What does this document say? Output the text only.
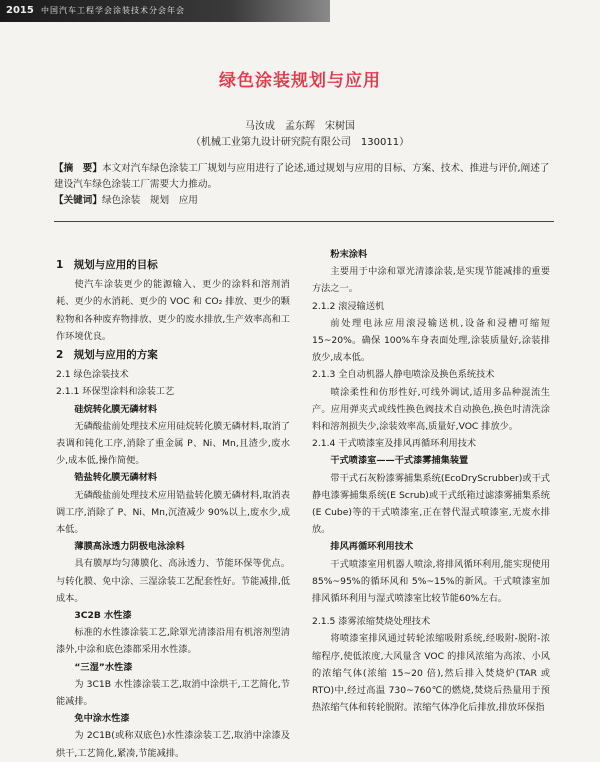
2015 中国汽车工程学会涂装技术分会年会
绿色涂装规划与应用
马汝成　孟东辉　宋树国
（机械工业第九设计研究院有限公司　130011）
【摘　要】本文对汽车绿色涂装工厂规划与应用进行了论述,通过规划与应用的目标、方案、技术、推进与评价,阐述了建设汽车绿色涂装工厂需要大力推动。
【关键词】绿色涂装　规划　应用
1　规划与应用的目标

使汽车涂装更少的能源输入、更少的涂料和溶剂消耗、更少的水消耗、更少的 VOC 和 CO₂ 排放、更少的颗粒物和各种废弃物排放、更少的废水排放,生产效率高和工作环境优良。

2　规划与应用的方案
2.1 绿色涂装技术
2.1.1 环保型涂料和涂装工艺
硅烷转化膜无磷材料

无磷酸盐前处理技术应用硅烷转化膜无磷材料,取消了表调和钝化工序,消除了重金属 P、Ni、Mn,且渣少,废水少,成本低,操作简便。

锆盐转化膜无磷材料

无磷酸盐前处理技术应用锆盐转化膜无磷材料,取消表调工序,消除了 P、Ni、Mn,沉渣减少 90%以上,废水少,成本低。

薄膜高泳透力阴极电泳涂料

具有膜厚均匀薄膜化、高泳透力、节能环保等优点。与转化膜、免中涂、三湿涂装工艺配套性好。节能减排,低成本。

3C2B 水性漆

标准的水性漆涂装工艺,除罩光清漆沿用有机溶剂型清漆外,中涂和底色漆都采用水性漆。

“三湿”水性漆

为 3C1B 水性漆涂装工艺,取消中涂烘干,工艺简化,节能减排。

免中涂水性漆

为 2C1B(或称双底色)水性漆涂装工艺,取消中涂漆及烘干,工艺简化,紧凑,节能减排。

粉末涂料

主要用于中涂和罩光清漆涂装,是实现节能减排的重要方法之一。

2.1.2 滚浸输送机

前处理电泳应用滚浸输送机,设备和浸槽可缩短 15~20%。确保 100%车身表面处理,涂装质量好,涂装排放少,成本低。

2.1.3 全自动机器人静电喷涂及换色系统技术

喷涂柔性和仿形性好,可线外调试,适用多品种混流生产。应用弹夹式或线性换色阀技术自动换色,换色时清洗涂料和溶剂损失少,涂装效率高,质量好,VOC 排放少。

2.1.4 干式喷漆室及排风再循环利用技术
干式喷漆室——干式漆雾捕集装置

带干式石灰粉漆雾捕集系统(EcoDryScrubber)或干式静电漆雾捕集系统(E Scrub)或干式纸箱过滤漆雾捕集系统(E Cube)等的干式喷漆室,正在替代湿式喷漆室,无废水排放。

排风再循环利用技术

干式喷漆室用机器人喷涂,将排风循环利用,能实现使用 85%~95%的循环风和 5%~15%的新风。干式喷漆室加排风循环利用与湿式喷漆室比较节能60%左右。

2.1.5 漆雾浓缩焚烧处理技术

将喷漆室排风通过转轮浓缩吸附系统,经吸附-脱附-浓缩程序,使低浓度,大风量含 VOC 的排风浓缩为高浓、小风的浓缩气体(浓缩 15~20 倍),然后排入焚烧炉(TAR 或 RTO)中,经过高温 730~760℃的燃烧,焚烧后热量用于预热浓缩气体和转轮脱附。浓缩气体净化后排放,排放环保指
